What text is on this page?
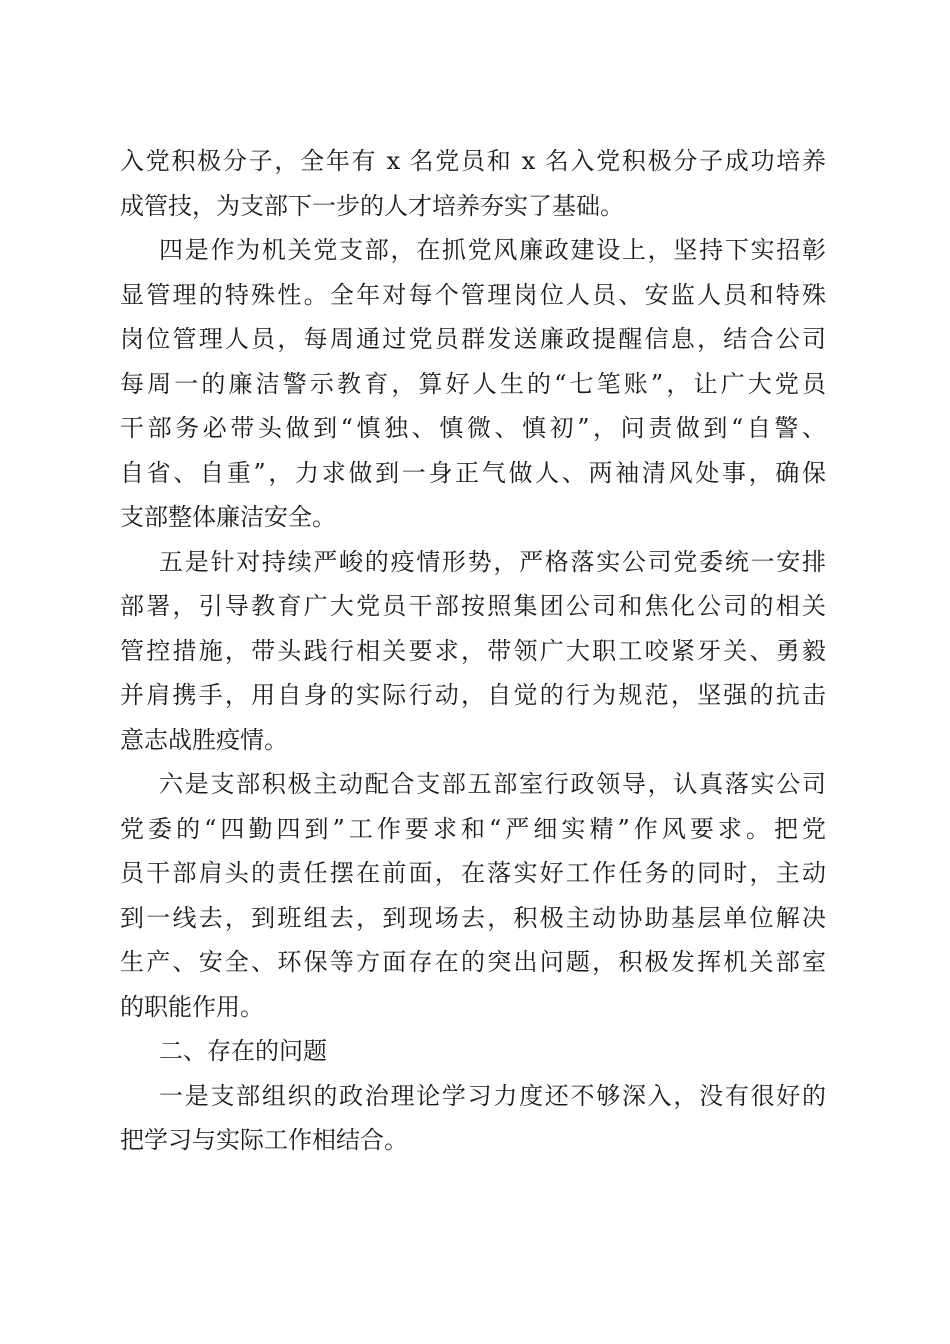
入党积极分子，全年有 x 名党员和 x 名入党积极分子成功培养

成管技，为支部下一步的人才培养夯实了基础。

四是作为机关党支部，在抓党风廉政建设上，坚持下实招彰

显管理的特殊性。全年对每个管理岗位人员、安监人员和特殊

岗位管理人员，每周通过党员群发送廉政提醒信息，结合公司

每周一的廉洁警示教育，算好人生的“七笔账”，让广大党员

干部务必带头做到“慎独、慎微、慎初”，问责做到“自警、

自省、自重”，力求做到一身正气做人、两袖清风处事，确保

支部整体廉洁安全。

五是针对持续严峻的疫情形势，严格落实公司党委统一安排

部署，引导教育广大党员干部按照集团公司和焦化公司的相关

管控措施，带头践行相关要求，带领广大职工咬紧牙关、勇毅

并肩携手，用自身的实际行动，自觉的行为规范，坚强的抗击

意志战胜疫情。

六是支部积极主动配合支部五部室行政领导，认真落实公司

党委的“四勤四到”工作要求和“严细实精”作风要求。把党

员干部肩头的责任摆在前面，在落实好工作任务的同时，主动

到一线去，到班组去，到现场去，积极主动协助基层单位解决

生产、安全、环保等方面存在的突出问题，积极发挥机关部室

的职能作用。

二、存在的问题

一是支部组织的政治理论学习力度还不够深入，没有很好的

把学习与实际工作相结合。
